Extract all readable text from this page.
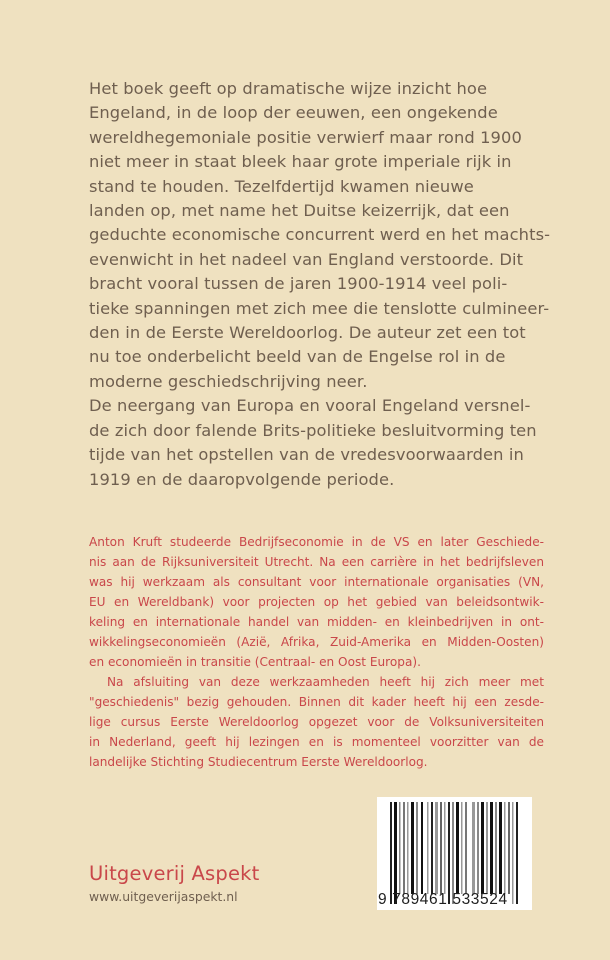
Het boek geeft op dramatische wijze inzicht hoe

Engeland, in de loop der eeuwen, een ongekende

wereldhegemoniale positie verwierf maar rond 1900

niet meer in staat bleek haar grote imperiale rijk in

stand te houden. Tezelfdertijd kwamen nieuwe

landen op, met name het Duitse keizerrijk, dat een

geduchte economische concurrent werd en het machts-

evenwicht in het nadeel van England verstoorde. Dit

bracht vooral tussen de jaren 1900-1914 veel poli-

tieke spanningen met zich mee die tenslotte culmineer-

den in de Eerste Wereldoorlog. De auteur zet een tot

nu toe onderbelicht beeld van de Engelse rol in de

moderne geschiedschrijving neer.

De neergang van Europa en vooral Engeland versnel-

de zich door falende Brits-politieke besluitvorming ten

tijde van het opstellen van de vredesvoorwaarden in

1919 en de daaropvolgende periode.

Anton Kruft studeerde Bedrijfseconomie in de VS en later Geschiede-
nis aan de Rijksuniversiteit Utrecht. Na een carrière in het bedrijfsleven
was hij werkzaam als consultant voor internationale organisaties (VN,
EU en Wereldbank) voor projecten op het gebied van beleidsontwik-
keling en internationale handel van midden- en kleinbedrijven in ont-
wikkelingseconomieën (Azië, Afrika, Zuid-Amerika en Midden-Oosten)
en economieën in transitie (Centraal- en Oost Europa).
Na afsluiting van deze werkzaamheden heeft hij zich meer met
"geschiedenis" bezig gehouden. Binnen dit kader heeft hij een zesde-
lige cursus Eerste Wereldoorlog opgezet voor de Volksuniversiteiten
in Nederland, geeft hij lezingen en is momenteel voorzitter van de
landelijke Stichting Studiecentrum Eerste Wereldoorlog.
Uitgeverij Aspekt
www.uitgeverijaspekt.nl	9 789461 533524
